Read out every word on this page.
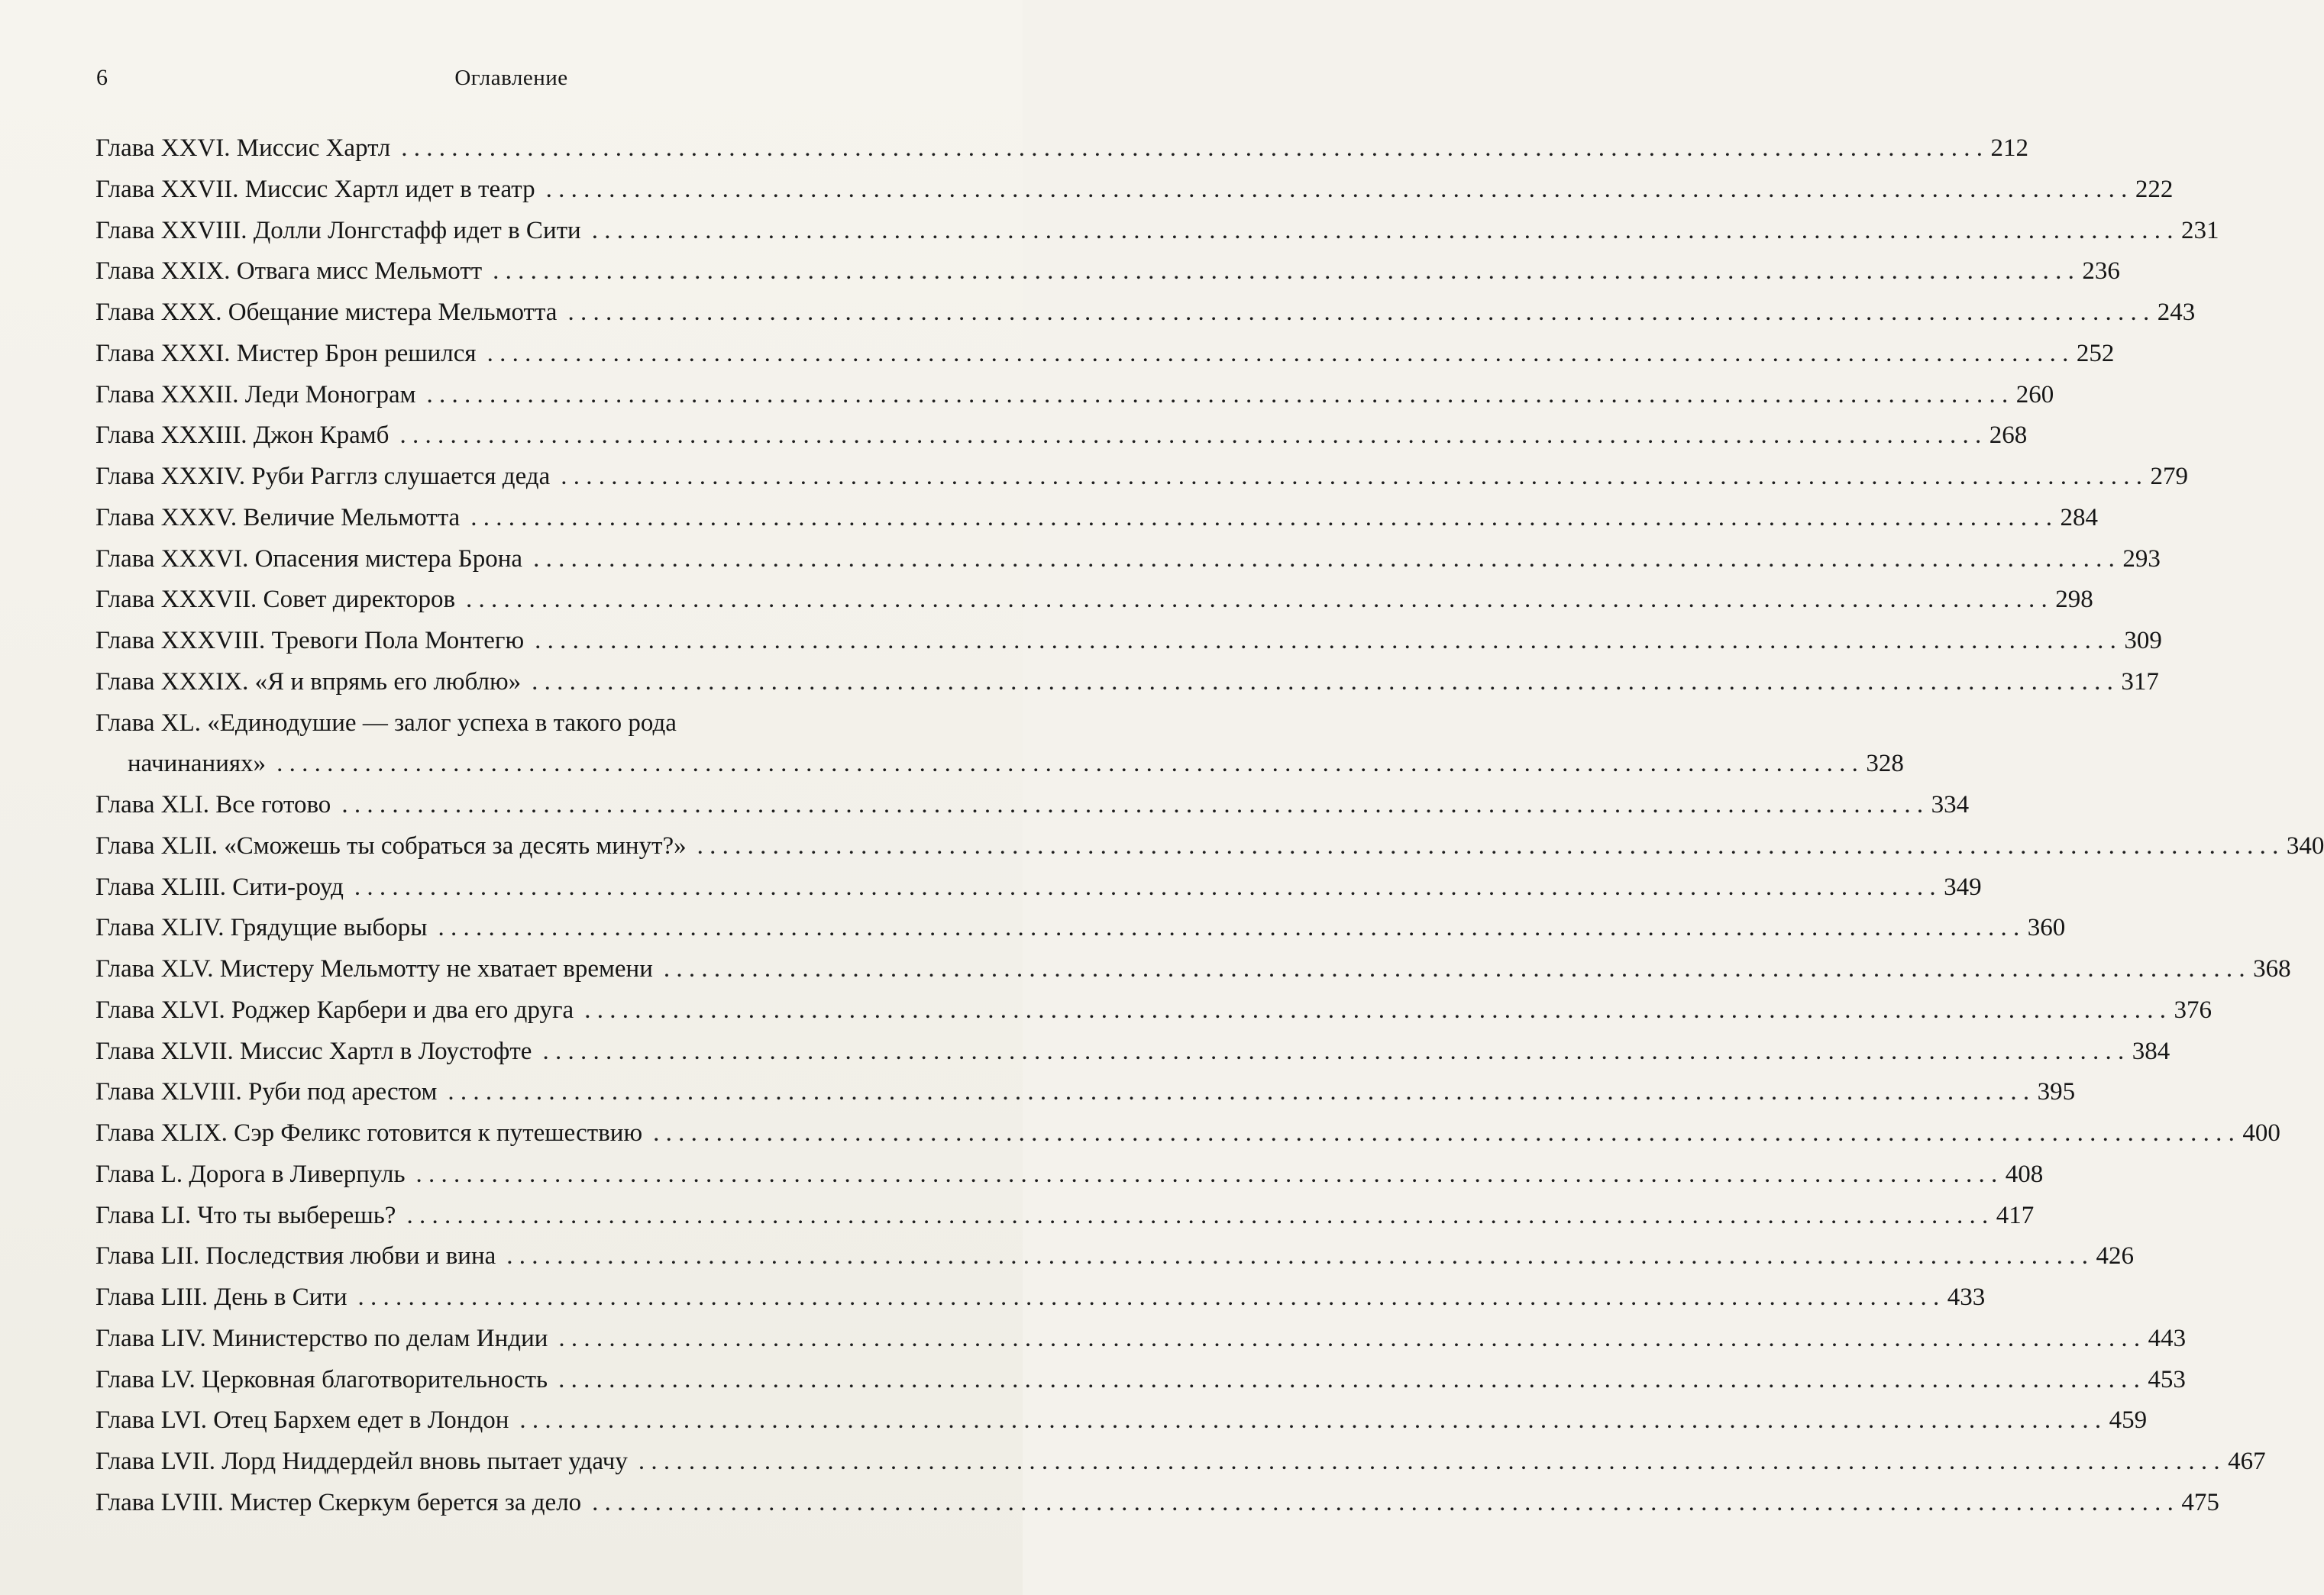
6	Оглавление
Глава XXVI. Миссис Хартл . . .	212
Глава XXVII. Миссис Хартл идет в театр . . .	222
Глава XXVIII. Долли Лонгстафф идет в Сити . . .	231
Глава XXIX. Отвага мисс Мельмотт . . .	236
Глава XXX. Обещание мистера Мельмотта . . .	243
Глава XXXI. Мистер Брон решился . . .	252
Глава XXXII. Леди Монограм . . .	260
Глава XXXIII. Джон Крамб . . .	268
Глава XXXIV. Руби Рагглз слушается деда . . .	279
Глава XXXV. Величие Мельмотта . . .	284
Глава XXXVI. Опасения мистера Брона . . .	293
Глава XXXVII. Совет директоров . . .	298
Глава XXXVIII. Тревоги Пола Монтегю . . .	309
Глава XXXIX. «Я и впрямь его люблю» . . .	317
Глава XL. «Единодушие — залог успеха в такого рода
начинаниях» . . .	328
Глава XLI. Все готово . . .	334
Глава XLII. «Сможешь ты собраться за десять минут?» . . .	340
Глава XLIII. Сити-роуд . . .	349
Глава XLIV. Грядущие выборы . . .	360
Глава XLV. Мистеру Мельмотту не хватает времени . . .	368
Глава XLVI. Роджер Карбери и два его друга . . .	376
Глава XLVII. Миссис Хартл в Лоустофте . . .	384
Глава XLVIII. Руби под арестом . . .	395
Глава XLIX. Сэр Феликс готовится к путешествию . . .	400
Глава L. Дорога в Ливерпуль . . .	408
Глава LI. Что ты выберешь? . . .	417
Глава LII. Последствия любви и вина . . .	426
Глава LIII. День в Сити . . .	433
Глава LIV. Министерство по делам Индии . . .	443
Глава LV. Церковная благотворительность . . .	453
Глава LVI. Отец Бархем едет в Лондон . . .	459
Глава LVII. Лорд Ниддердейл вновь пытает удачу . . .	467
Глава LVIII. Мистер Скеркум берется за дело . . .	475
